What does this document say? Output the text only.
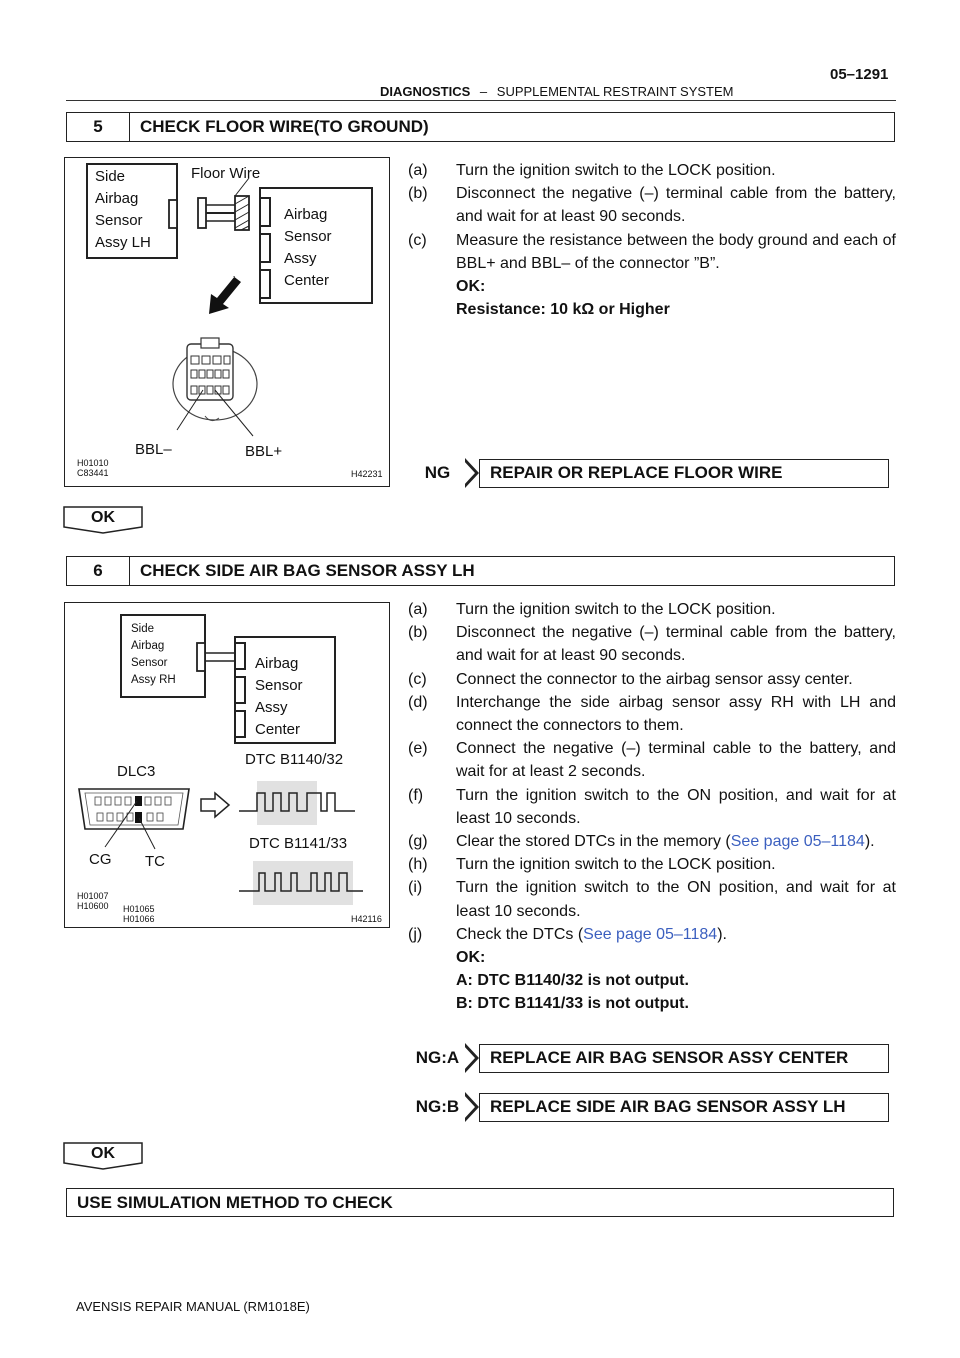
DIAGNOSTICS – SUPPLEMENTAL RESTRAINT SYSTEM
05–1291
5	CHECK FLOOR WIRE(TO GROUND)
Side
Airbag
Sensor
Assy LH
Floor Wire
Airbag
Sensor
Assy
Center
BBL–	BBL+
H01010
C83441	H42231
(a)	Turn the ignition switch to the LOCK position.
(b)	Disconnect the negative (–) terminal cable from the battery, and wait for at least 90 seconds.
(c)	Measure the resistance between the body ground and each of BBL+ and BBL– of the connector ”B”.
OK:
Resistance: 10 kΩ or Higher
NG	REPAIR OR REPLACE FLOOR WIRE
OK
6	CHECK SIDE AIR BAG SENSOR ASSY LH
Side
Airbag
Sensor
Assy RH
Airbag
Sensor
Assy
Center
DLC3
DTC B1140/32
DTC B1141/33
CG TC
H01007
H10600 H01065
H01066	H42116
(a)	Turn the ignition switch to the LOCK position.
(b)	Disconnect the negative (–) terminal cable from the battery, and wait for at least 90 seconds.
(c)	Connect the connector to the airbag sensor assy center.
(d)	Interchange the side airbag sensor assy RH with LH and connect the connectors to them.
(e)	Connect the negative (–) terminal cable to the battery, and wait for at least 2 seconds.
(f)	Turn the ignition switch to the ON position, and wait for at least 10 seconds.
(g)	Clear the stored DTCs in the memory (See page 05–1184).
(h)	Turn the ignition switch to the LOCK position.
(i)	Turn the ignition switch to the ON position, and wait for at least 10 seconds.
(j)	Check the DTCs (See page 05–1184).
OK:
A: DTC B1140/32 is not output.
B: DTC B1141/33 is not output.
NG:A	REPLACE AIR BAG SENSOR ASSY CENTER
NG:B	REPLACE SIDE AIR BAG SENSOR ASSY LH
OK
USE SIMULATION METHOD TO CHECK
AVENSIS REPAIR MANUAL (RM1018E)
